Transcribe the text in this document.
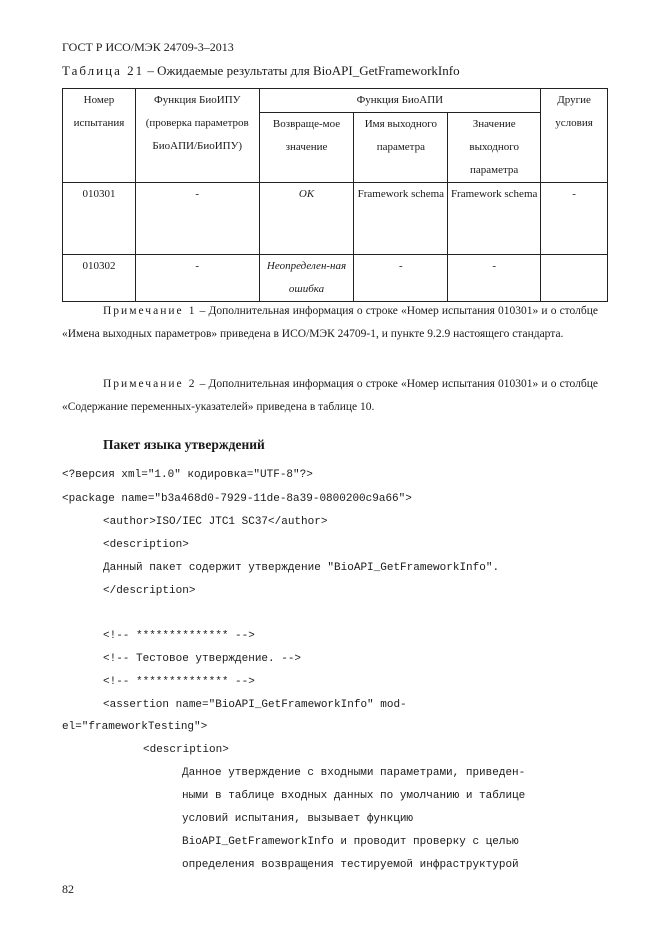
ГОСТ Р ИСО/МЭК 24709-3–2013
Таблица 21 – Ожидаемые результаты для BioAPI_GetFrameworkInfo
Номер испытания	Функция БиоИПУ (проверка параметров БиоАПИ/БиоИПУ)	Функция БиоАПИ			Другие условия
		Возвраще-мое значение	Имя выходного параметра	Значение выходного параметра	
010301	-	OK	Framework schema	Framework schema	-
010302	-	Неопределен-ная ошибка	-	-	
Примечание 1 – Дополнительная информация о строке «Номер испытания 010301» и о столбце «Имена выходных параметров» приведена в ИСО/МЭК 24709-1, и пункте 9.2.9 настоящего стандарта.
Примечание 2 – Дополнительная информация о строке «Номер испытания 010301» и о столбце «Содержание переменных-указателей» приведена в таблице 10.
Пакет языка утверждений
<?версия xml="1.0" кодировка="UTF-8"?>
<package name="b3a468d0-7929-11de-8a39-0800200c9a66">
<author>ISO/IEC JTC1 SC37</author>
<description>
Данный пакет содержит утверждение "BioAPI_GetFrameworkInfo".
</description>
<!-- ************** -->
<!-- Тестовое утверждение. -->
<!-- ************** -->
<assertion name="BioAPI_GetFrameworkInfo" mod-
el="frameworkTesting">
<description>
Данное утверждение с входными параметрами, приведен-
ными в таблице входных данных по умолчанию и таблице
условий испытания, вызывает функцию
BioAPI_GetFrameworkInfo и проводит проверку с целью
определения возвращения тестируемой инфраструктурой
82
